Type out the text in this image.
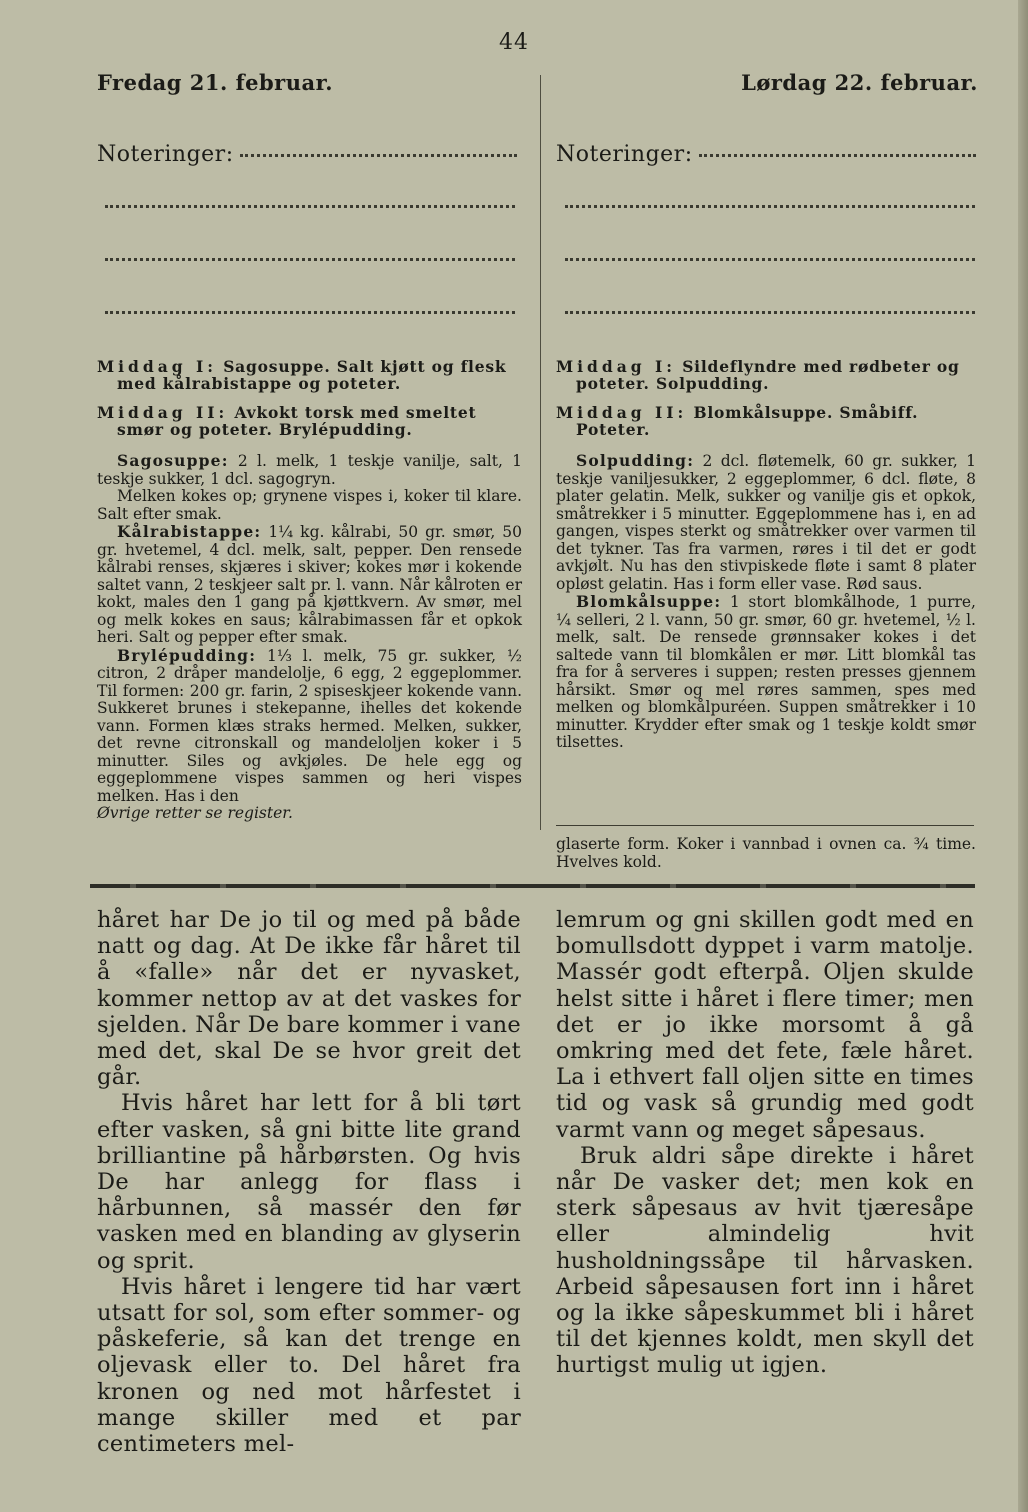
44
Fredag 21. februar.	Lørdag 22. februar.
Noteringer:	Noteringer:

Middag I: Sagosuppe. Salt kjøtt og flesk med kålrabistappe og poteter.

Middag II: Avkokt torsk med smeltet smør og poteter. Brylépudding.

Sagosuppe: 2 l. melk, 1 teskje vanilje, salt, 1 teskje sukker, 1 dcl. sagogryn.

Melken kokes op; grynene vispes i, koker til klare. Salt efter smak.

Kålrabistappe: 1¼ kg. kålrabi, 50 gr. smør, 50 gr. hvetemel, 4 dcl. melk, salt, pepper. Den rensede kålrabi renses, skjæres i skiver; kokes mør i kokende saltet vann, 2 teskjeer salt pr. l. vann. Når kålroten er kokt, males den 1 gang på kjøttkvern. Av smør, mel og melk kokes en saus; kålrabimassen får et opkok heri. Salt og pepper efter smak.

Brylépudding: 1⅓ l. melk, 75 gr. sukker, ½ citron, 2 dråper mandelolje, 6 egg, 2 eggeplommer. Til formen: 200 gr. farin, 2 spiseskjeer kokende vann. Sukkeret brunes i stekepanne, ihelles det kokende vann. Formen klæs straks hermed. Melken, sukker, det revne citronskall og mandeloljen koker i 5 minutter. Siles og avkjøles. De hele egg og eggeplommene vispes sammen og heri vispes melken. Has i den

Øvrige retter se register.

Middag I: Sildeflyndre med rødbeter og poteter. Solpudding.

Middag II: Blomkålsuppe. Småbiff. Poteter.

Solpudding: 2 dcl. fløtemelk, 60 gr. sukker, 1 teskje vaniljesukker, 2 eggeplommer, 6 dcl. fløte, 8 plater gelatin. Melk, sukker og vanilje gis et opkok, småtrekker i 5 minutter. Eggeplommene has i, en ad gangen, vispes sterkt og småtrekker over varmen til det tykner. Tas fra varmen, røres i til det er godt avkjølt. Nu has den stivpiskede fløte i samt 8 plater opløst gelatin. Has i form eller vase. Rød saus.

Blomkålsuppe: 1 stort blomkålhode, 1 purre, ¼ selleri, 2 l. vann, 50 gr. smør, 60 gr. hvetemel, ½ l. melk, salt. De rensede grønnsaker kokes i det saltede vann til blomkålen er mør. Litt blomkål tas fra for å serveres i suppen; resten presses gjennem hårsikt. Smør og mel røres sammen, spes med melken og blomkålpuréen. Suppen småtrekker i 10 minutter. Krydder efter smak og 1 teskje koldt smør tilsettes.

glaserte form. Koker i vannbad i ovnen ca. ¾ time. Hvelves kold.

håret har De jo til og med på både natt og dag. At De ikke får håret til å «falle» når det er nyvasket, kommer nettop av at det vaskes for sjelden. Når De bare kommer i vane med det, skal De se hvor greit det går.

Hvis håret har lett for å bli tørt efter vasken, så gni bitte lite grand brilliantine på hårbørsten. Og hvis De har anlegg for flass i hårbunnen, så massér den før vasken med en blanding av glyserin og sprit.

Hvis håret i lengere tid har vært utsatt for sol, som efter sommer- og påskeferie, så kan det trenge en oljevask eller to. Del håret fra kronen og ned mot hårfestet i mange skiller med et par centimeters mel-

lemrum og gni skillen godt med en bomullsdott dyppet i varm matolje. Massér godt efterpå. Oljen skulde helst sitte i håret i flere timer; men det er jo ikke morsomt å gå omkring med det fete, fæle håret. La i ethvert fall oljen sitte en times tid og vask så grundig med godt varmt vann og meget såpesaus.

Bruk aldri såpe direkte i håret når De vasker det; men kok en sterk såpesaus av hvit tjæresåpe eller almindelig hvit husholdningssåpe til hårvasken. Arbeid såpesausen fort inn i håret og la ikke såpeskummet bli i håret til det kjennes koldt, men skyll det hurtigst mulig ut igjen.
